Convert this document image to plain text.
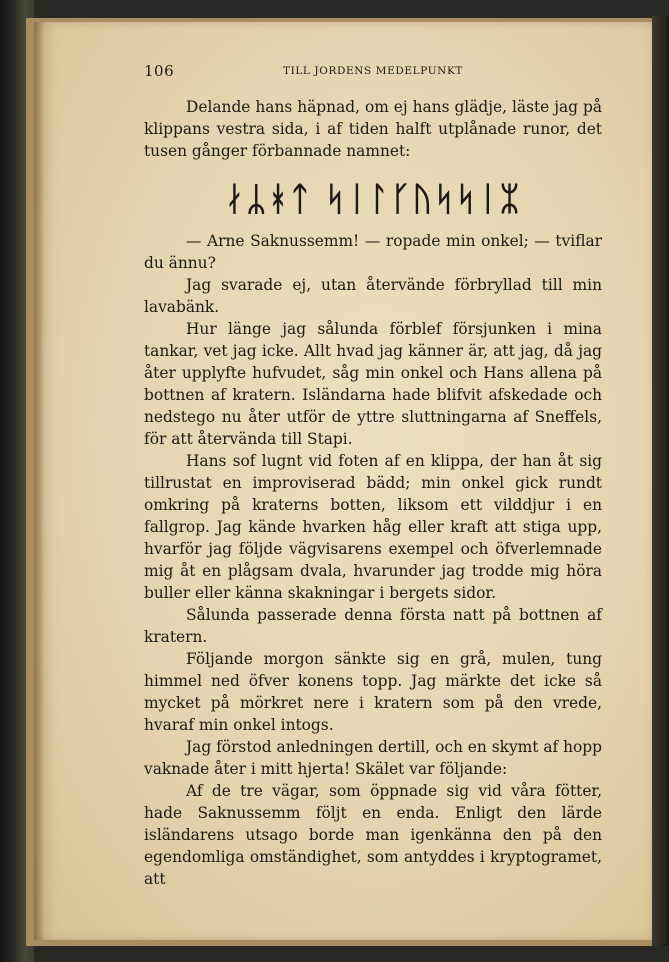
106	TILL JORDENS MEDELPUNKT

Delande hans häpnad, om ej hans glädje, läste jag på klippans vestra sida, i af tiden halft utplånade runor, det tusen gånger förbannade namnet:

ᛅᛦᚼᛏ ᛋᛁᛚᚴᚢᛋᛋᛁᛯ

— Arne Saknussemm! — ropade min onkel; — tviflar du ännu?

Jag svarade ej, utan återvände förbryllad till min lavabänk.

Hur länge jag sålunda förblef försjunken i mina tankar, vet jag icke. Allt hvad jag känner är, att jag, då jag åter upplyfte hufvudet, såg min onkel och Hans allena på bottnen af kratern. Isländarna hade blifvit afskedade och nedstego nu åter utför de yttre sluttningarna af Sneffels, för att återvända till Stapi.

Hans sof lugnt vid foten af en klippa, der han åt sig tillrustat en improviserad bädd; min onkel gick rundt omkring på kraterns botten, liksom ett vilddjur i en fallgrop. Jag kände hvarken håg eller kraft att stiga upp, hvarför jag följde vägvisarens exempel och öfverlemnade mig åt en plågsam dvala, hvarunder jag trodde mig höra buller eller känna skakningar i bergets sidor.

Sålunda passerade denna första natt på bottnen af kratern.

Följande morgon sänkte sig en grå, mulen, tung himmel ned öfver konens topp. Jag märkte det icke så mycket på mörkret nere i kratern som på den vrede, hvaraf min onkel intogs.

Jag förstod anledningen dertill, och en skymt af hopp vaknade åter i mitt hjerta! Skälet var följande:

Af de tre vägar, som öppnade sig vid våra fötter, hade Saknussemm följt en enda. Enligt den lärde isländarens utsago borde man igenkänna den på den egendomliga omständighet, som antyddes i kryptogramet, att
